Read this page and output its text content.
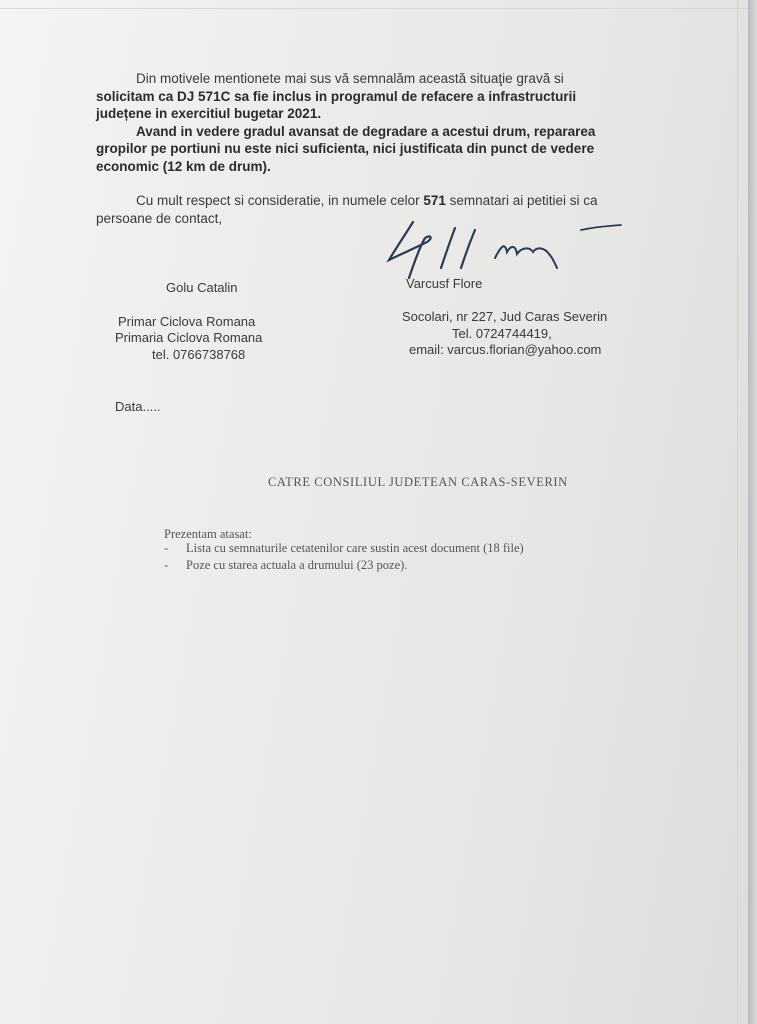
Din motivele mentionete mai sus vă semnalăm această situaţie gravă si
solicitam ca DJ 571C sa fie inclus in programul de refacere a infrastructurii
județene in exercitiul bugetar 2021.
Avand in vedere gradul avansat de degradare a acestui drum, repararea
gropilor pe portiuni nu este nici suficienta, nici justificata din punct de vedere
economic (12 km de drum).
Cu mult respect si consideratie, in numele celor 571 semnatari ai petitiei si ca
persoane de contact,
Golu Catalin	Varcusf Flore
Primar Ciclova Romana
Primaria Ciclova Romana
tel. 0766738768
Socolari, nr 227, Jud Caras Severin
Tel. 0724744419,
email: varcus.florian@yahoo.com
Data.....
CATRE CONSILIUL JUDETEAN CARAS-SEVERIN
Prezentam atasat:
- Lista cu semnaturile cetatenilor care sustin acest document (18 file)
- Poze cu starea actuala a drumului (23 poze).
